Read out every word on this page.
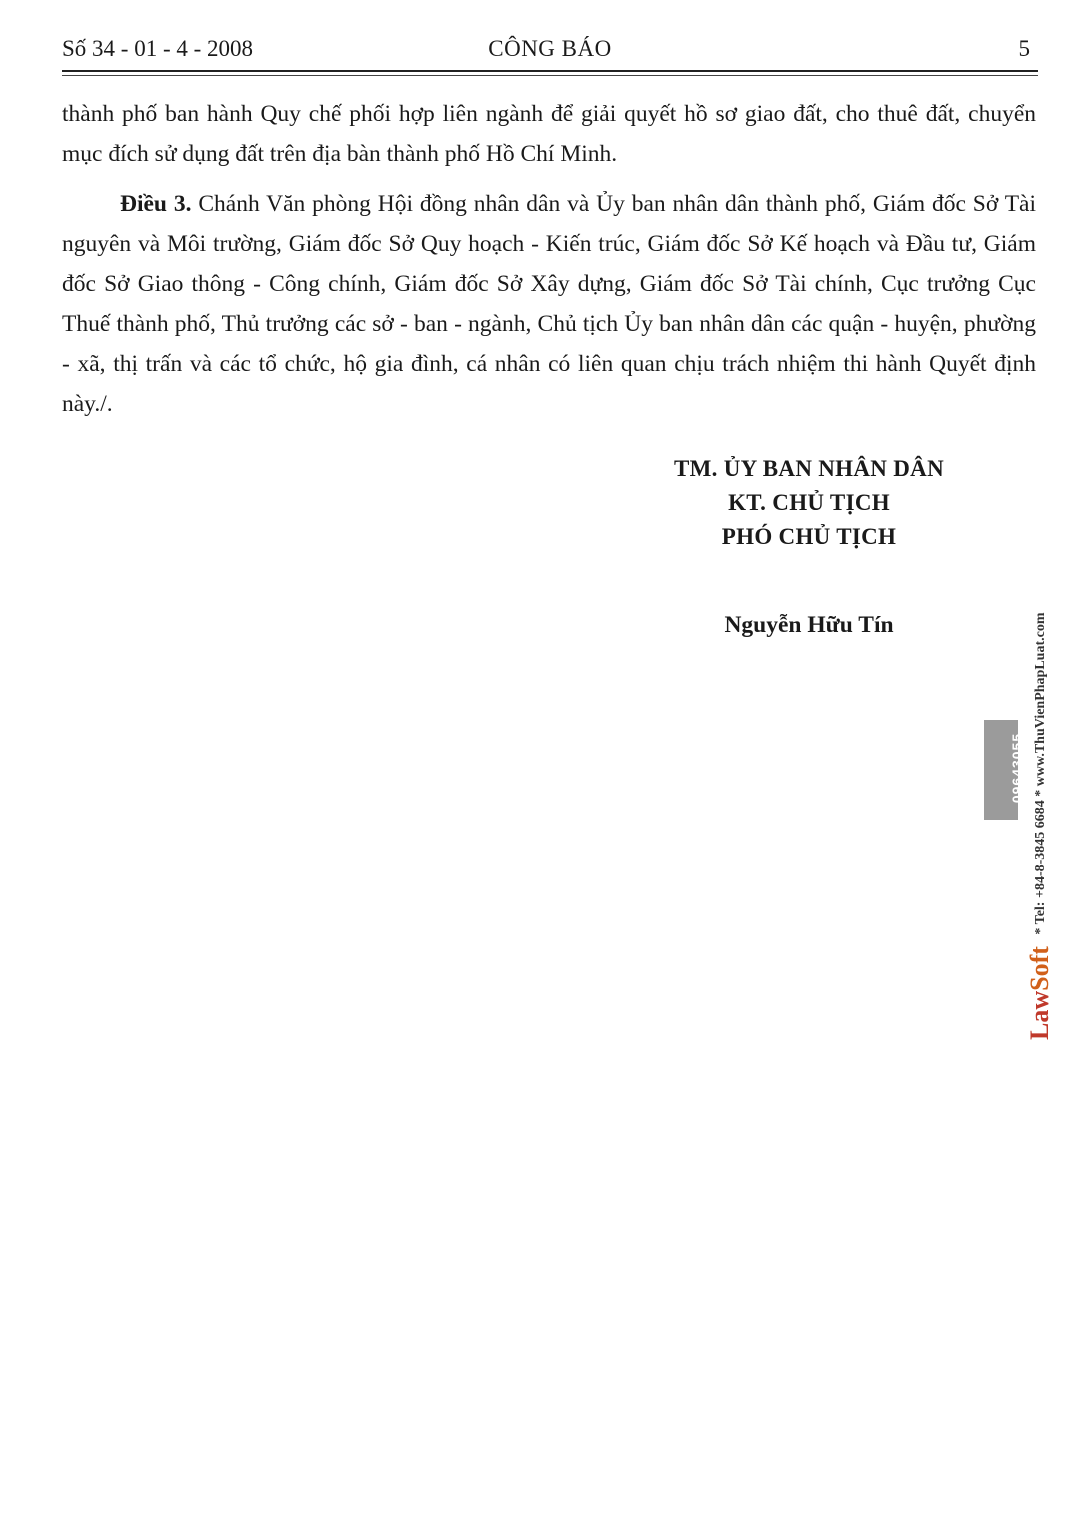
Số 34 - 01 - 4 - 2008	CÔNG BÁO	5

thành phố ban hành Quy chế phối hợp liên ngành để giải quyết hồ sơ giao đất, cho thuê đất, chuyển mục đích sử dụng đất trên địa bàn thành phố Hồ Chí Minh.

Điều 3. Chánh Văn phòng Hội đồng nhân dân và Ủy ban nhân dân thành phố, Giám đốc Sở Tài nguyên và Môi trường, Giám đốc Sở Quy hoạch - Kiến trúc, Giám đốc Sở Kế hoạch và Đầu tư, Giám đốc Sở Giao thông - Công chính, Giám đốc Sở Xây dựng, Giám đốc Sở Tài chính, Cục trưởng Cục Thuế thành phố, Thủ trưởng các sở - ban - ngành, Chủ tịch Ủy ban nhân dân các quận - huyện, phường - xã, thị trấn và các tổ chức, hộ gia đình, cá nhân có liên quan chịu trách nhiệm thi hành Quyết định này./.

TM. ỦY BAN NHÂN DÂN
KT. CHỦ TỊCH
PHÓ CHỦ TỊCH
Nguyễn Hữu Tín
09643055
LawSoft * Tel: +84-8-3845 6684 * www.ThuVienPhapLuat.com
